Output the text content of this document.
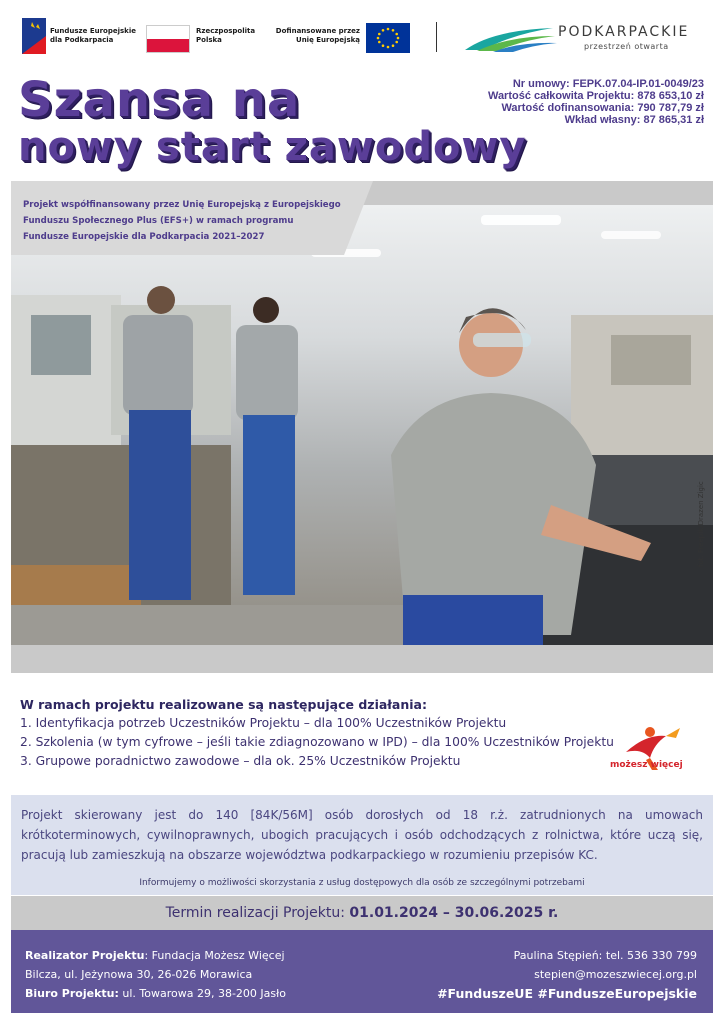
Fundusze Europejskie dla Podkarpacia
Rzeczpospolita Polska
Dofinansowane przez Unię Europejską	PODKARPACKIE
przestrzeń otwarta
Szansa na
nowy start zawodowy
Nr umowy: FEPK.07.04-IP.01-0049/23
Wartość całkowita Projektu: 878 653,10 zł
Wartość dofinansowania: 790 787,79 zł
Wkład własny: 87 865,31 zł
Projekt współfinansowany przez Unię Europejską z Europejskiego
Funduszu Społecznego Plus (EFS+) w ramach programu
Fundusze Europejskie dla Podkarpacia 2021–2027
fot. Freepik/Drazen Zigic
W ramach projektu realizowane są następujące działania:
1. Identyfikacja potrzeb Uczestników Projektu – dla 100% Uczestników Projektu
2. Szkolenia (w tym cyfrowe – jeśli takie zdiagnozowano w IPD) – dla 100% Uczestników Projektu
3. Grupowe poradnictwo zawodowe – dla ok. 25% Uczestników Projektu	możesz więcej
Projekt skierowany jest do 140 [84K/56M] osób dorosłych od 18 r.ż. zatrudnionych na umowach krótkoterminowych, cywilnoprawnych, ubogich pracujących i osób odchodzących z rolnictwa, które uczą się, pracują lub zamieszkują na obszarze województwa podkarpackiego w rozumieniu przepisów KC.
Informujemy o możliwości skorzystania z usług dostępowych dla osób ze szczególnymi potrzebami
Termin realizacji Projektu: 01.01.2024 – 30.06.2025 r.
Realizator Projektu: Fundacja Możesz Więcej
Bilcza, ul. Jeżynowa 30, 26-026 Morawica
Biuro Projektu: ul. Towarowa 29, 38-200 Jasło
Paulina Stępień: tel. 536 330 799
stepien@mozeszwiecej.org.pl
#FunduszeUE #FunduszeEuropejskie
